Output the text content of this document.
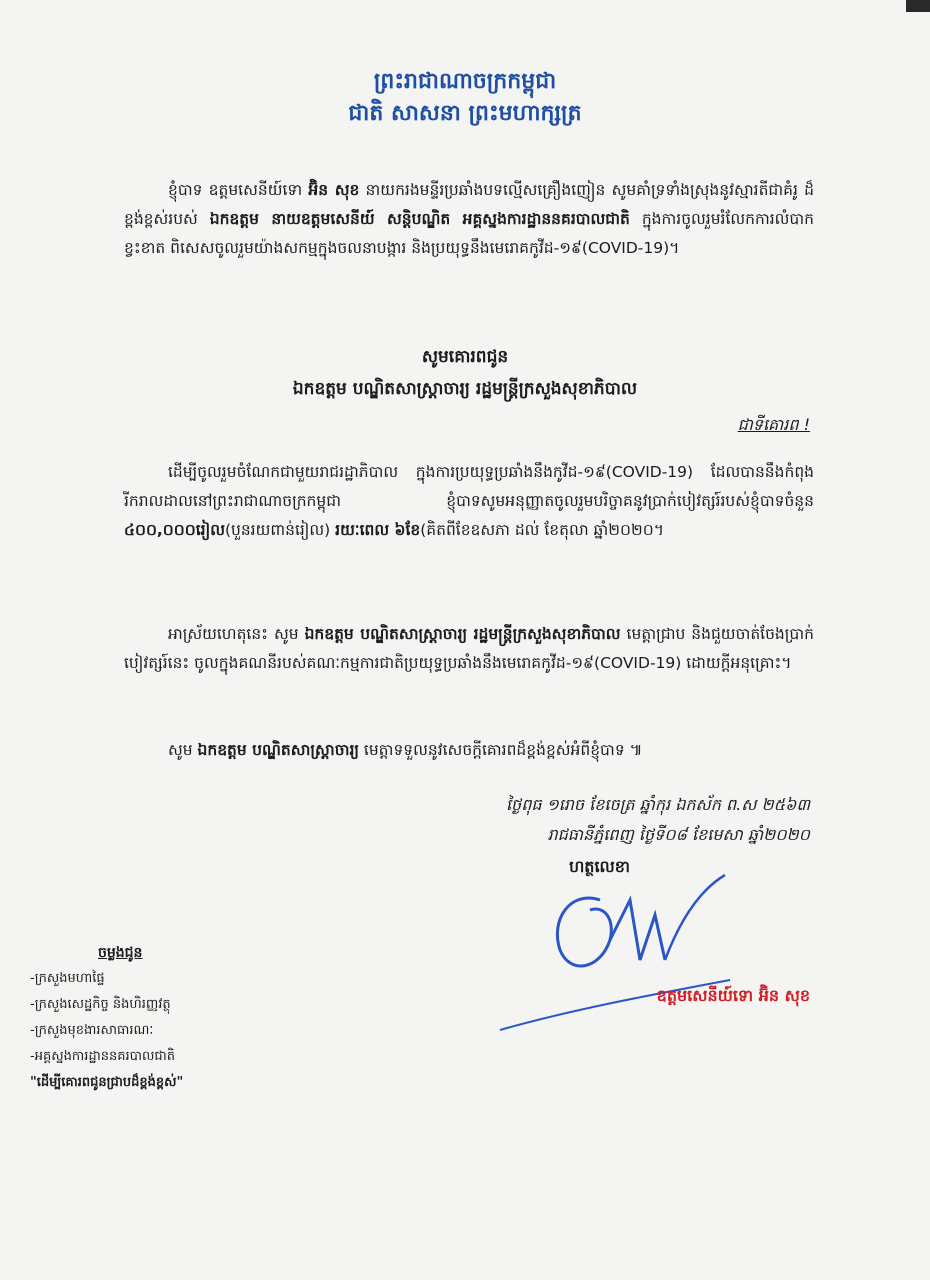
ព្រះរាជាណាចក្រកម្ពុជា
ជាតិ សាសនា ព្រះមហាក្សត្រ
ខ្ញុំបាទ ឧត្តមសេនីយ៍ទោ អ៊ិន សុខ នាយករងមន្ទីរប្រឆាំងបទល្មើសគ្រឿងញៀន សូមគាំទ្រទាំងស្រុងនូវស្មារតីជាគំរូ ដ៏ខ្ពង់ខ្ពស់របស់ ឯកឧត្តម នាយឧត្តមសេនីយ៍ សន្តិបណ្ឌិត អគ្គស្នងការដ្ឋាននគរបាលជាតិ ក្នុងការចូលរួមរំលែកការលំបាកខ្វះខាត ពិសេសចូលរួមយ៉ាងសកម្មក្នុងចលនាបង្ការ និងប្រយុទ្ធនឹងមេរោគកូវីដ-១៩(COVID-19)។
សូមគោរពជូន
ឯកឧត្តម បណ្ឌិតសាស្ត្រាចារ្យ រដ្ឋមន្ត្រីក្រសួងសុខាភិបាល
ជាទីគោរព !
ដើម្បីចូលរួមចំណែកជាមួយរាជរដ្ឋាភិបាល ក្នុងការប្រយុទ្ធប្រឆាំងនឹងកូវីដ-១៩(COVID-19) ដែលបាននឹងកំពុងរីករាលដាលនៅព្រះរាជាណាចក្រកម្ពុជា ខ្ញុំបាទសូមអនុញ្ញាតចូលរួមបរិច្ចាគនូវប្រាក់បៀវត្សរ៍របស់ខ្ញុំបាទចំនួន ៤០០,០០០រៀល(បួនរយពាន់រៀល) រយៈពេល ៦ខែ(គិតពីខែឧសភា ដល់ ខែតុលា ឆ្នាំ២០២០។
អាស្រ័យហេតុនេះ សូម ឯកឧត្តម បណ្ឌិតសាស្ត្រាចារ្យ រដ្ឋមន្ត្រីក្រសួងសុខាភិបាល មេត្តាជ្រាប និងជួយចាត់ចែងប្រាក់បៀវត្សរ៍នេះ ចូលក្នុងគណនីរបស់គណៈកម្មការជាតិប្រយុទ្ធប្រឆាំងនឹងមេរោគកូវីដ-១៩(COVID-19) ដោយក្តីអនុគ្រោះ។
សូម ឯកឧត្តម បណ្ឌិតសាស្ត្រាចារ្យ មេត្តាទទួលនូវសេចក្តីគោរពដ៏ខ្ពង់ខ្ពស់អំពីខ្ញុំបាទ ៕
ថ្ងៃពុធ ១រោច ខែចេត្រ ឆ្នាំកុរ ឯកស័ក ព.ស ២៥៦៣
រាជធានីភ្នំពេញ ថ្ងៃទី០៨ ខែមេសា ឆ្នាំ២០២០
ហត្ថលេខា
ឧត្តមសេនីយ៍ទោ អ៊ិន សុខ
ចម្លងជូន
-ក្រសួងមហាផ្ទៃ
-ក្រសួងសេដ្ឋកិច្ច និងហិរញ្ញវត្ថុ
-ក្រសួងមុខងារសាធារណៈ
-អគ្គស្នងការដ្ឋាននគរបាលជាតិ
"ដើម្បីគោរពជូនជ្រាបដ៏ខ្ពង់ខ្ពស់"
